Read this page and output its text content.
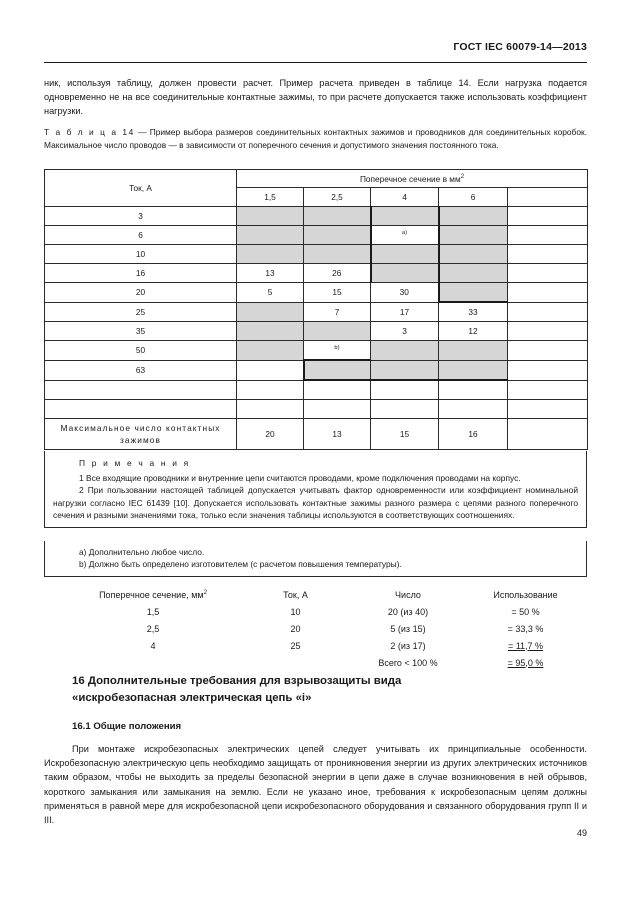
ГОСТ IEC 60079-14—2013
ник, используя таблицу, должен провести расчет. Пример расчета приведен в таблице 14. Если нагрузка подается одновременно не на все соединительные контактные зажимы, то при расчете допускается также использовать коэффициент нагрузки.
Т а б л и ц а 14 — Пример выбора размеров соединительных контактных зажимов и проводников для соединительных коробок. Максимальное число проводов — в зависимости от поперечного сечения и допустимого значения постоянного тока.
Ток, А	Поперечное сечение в $мм^2$
	1,5	2,5	4	6	
3					
6			$^{a)}$		
10					
16	13	26			
20	5	15	30		
25		7	17	33	
35			3	12	
50		$^{b)}$			
63					

Максимальное число контактных зажимов	20	13	15	16	
П р и м е ч а н и я

1 Все входящие проводники и внутренние цепи считаются проводами, кроме подключения проводами на корпус.

2 При пользовании настоящей таблицей допускается учитывать фактор одновременности или коэффициент номинальной нагрузки согласно IEC 61439 [10]. Допускается использовать контактные зажимы разного размера с цепями разного поперечного сечения и разными значениями тока, только если значения таблицы используются в соответствующих соотношениях.

a) Дополнительно любое число.

b) Должно быть определено изготовителем (с расчетом повышения температуры).

Поперечное сечение, $мм^2$	Ток, А	Число	Использование
1,5	10	20 (из 40)	= 50 %
2,5	20	5 (из 15)	= 33,3 %
4	25	2 (из 17)	= 11,7 %
		Всего < 100 %	= 95,0 %
16 Дополнительные требования для взрывозащиты вида
«искробезопасная электрическая цепь «i»
16.1 Общие положения
При монтаже искробезопасных электрических цепей следует учитывать их принципиальные особенности. Искробезопасную электрическую цепь необходимо защищать от проникновения энергии из других электрических источников таким образом, чтобы не выходить за пределы безопасной энергии в цепи даже в случае возникновения в ней обрывов, короткого замыкания или замыкания на землю. Если не указано иное, требования к искробезопасным цепям должны применяться в равной мере для искробезопасной цепи искробезопасного оборудования и связанного оборудования групп II и III.
49
